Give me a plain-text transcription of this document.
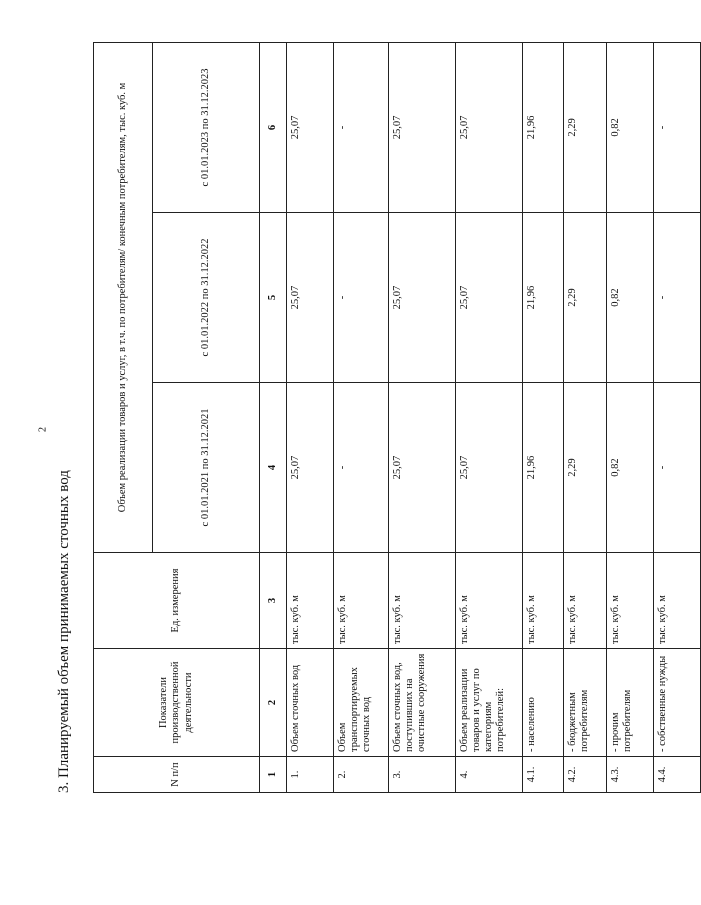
2
3. Планируемый объем принимаемых сточных вод	N п/п	Показатели производственной деятельности	Ед. измерения	Объем реализации товаров и услуг, в т.ч. по потребителям/ конечным потребителям, тыс. куб. м		
			с 01.01.2021 по 31.12.2021	с 01.01.2022 по 31.12.2022	с 01.01.2023 по 31.12.2023
1	2	3	4	5	6
1.	Объем сточных вод	тыс. куб. м	25,07	25,07	25,07
2.	Объем транспортируемых сточных вод	тыс. куб. м	-	-	-
3.	Объем сточных вод, поступивших на очистные сооружения	тыс. куб. м	25,07	25,07	25,07
4.	Объем реализации товаров и услуг по категориям потребителей:	тыс. куб. м	25,07	25,07	25,07
4.1.	- населению	тыс. куб. м	21,96	21,96	21,96
4.2.	- бюджетным потребителям	тыс. куб. м	2,29	2,29	2,29
4.3.	- прочим потребителям	тыс. куб. м	0,82	0,82	0,82
4.4.	- собственные нужды	тыс. куб. м	-	-	-
